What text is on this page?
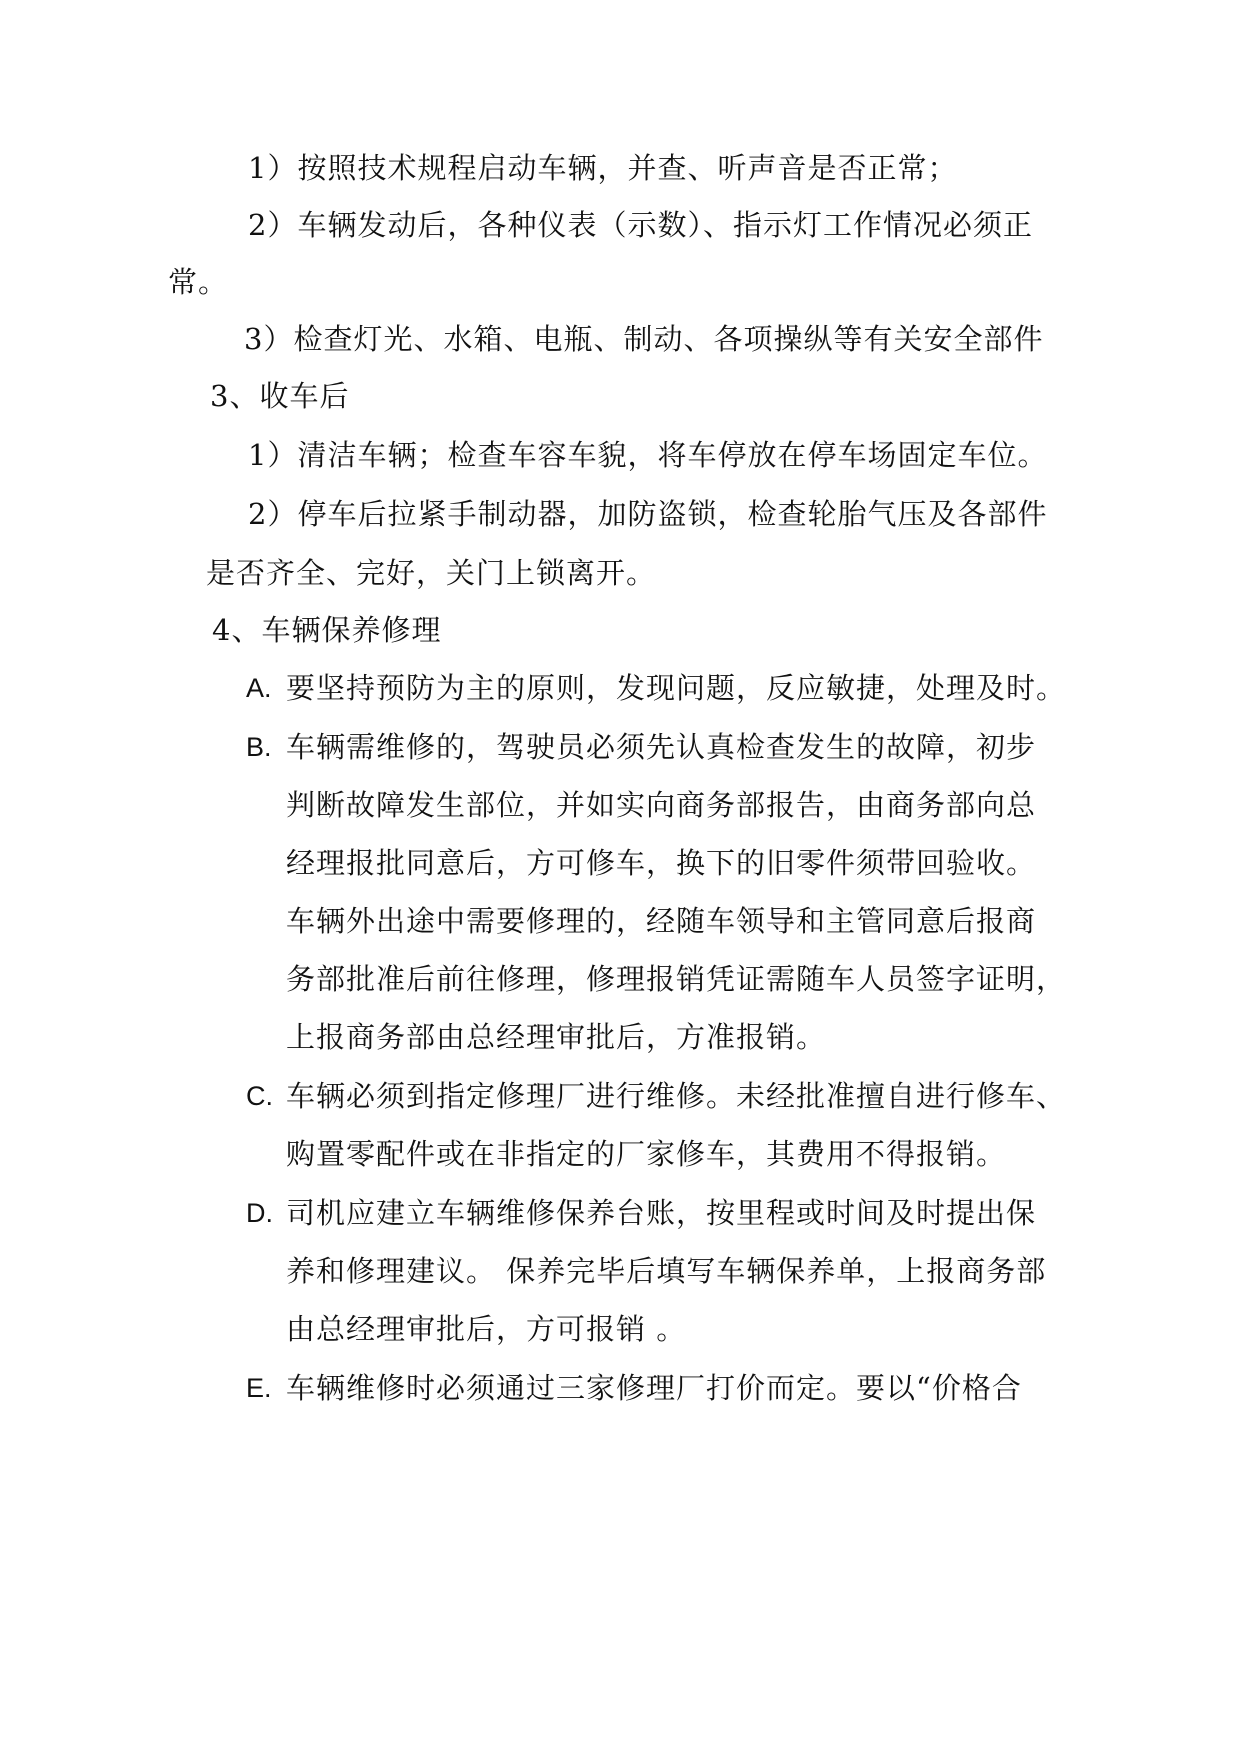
1）按照技术规程启动车辆，并查、听声音是否正常；
2）车辆发动后，各种仪表（示数）、指示灯工作情况必须正
常。
3）检查灯光、水箱、电瓶、制动、各项操纵等有关安全部件
3、收车后
1）清洁车辆；检查车容车貌，将车停放在停车场固定车位。
2）停车后拉紧手制动器，加防盗锁，检查轮胎气压及各部件
是否齐全、完好，关门上锁离开。
4、车辆保养修理
A. 要坚持预防为主的原则，发现问题，反应敏捷，处理及时。
B. 车辆需维修的，驾驶员必须先认真检查发生的故障，初步
判断故障发生部位，并如实向商务部报告，由商务部向总
经理报批同意后，方可修车，换下的旧零件须带回验收。
车辆外出途中需要修理的，经随车领导和主管同意后报商
务部批准后前往修理，修理报销凭证需随车人员签字证明，
上报商务部由总经理审批后，方准报销。
C. 车辆必须到指定修理厂进行维修。未经批准擅自进行修车、
购置零配件或在非指定的厂家修车，其费用不得报销。
D. 司机应建立车辆维修保养台账，按里程或时间及时提出保
养和修理建议。 保养完毕后填写车辆保养单，上报商务部
由总经理审批后，方可报销 。
E. 车辆维修时必须通过三家修理厂打价而定。要以“价格合
